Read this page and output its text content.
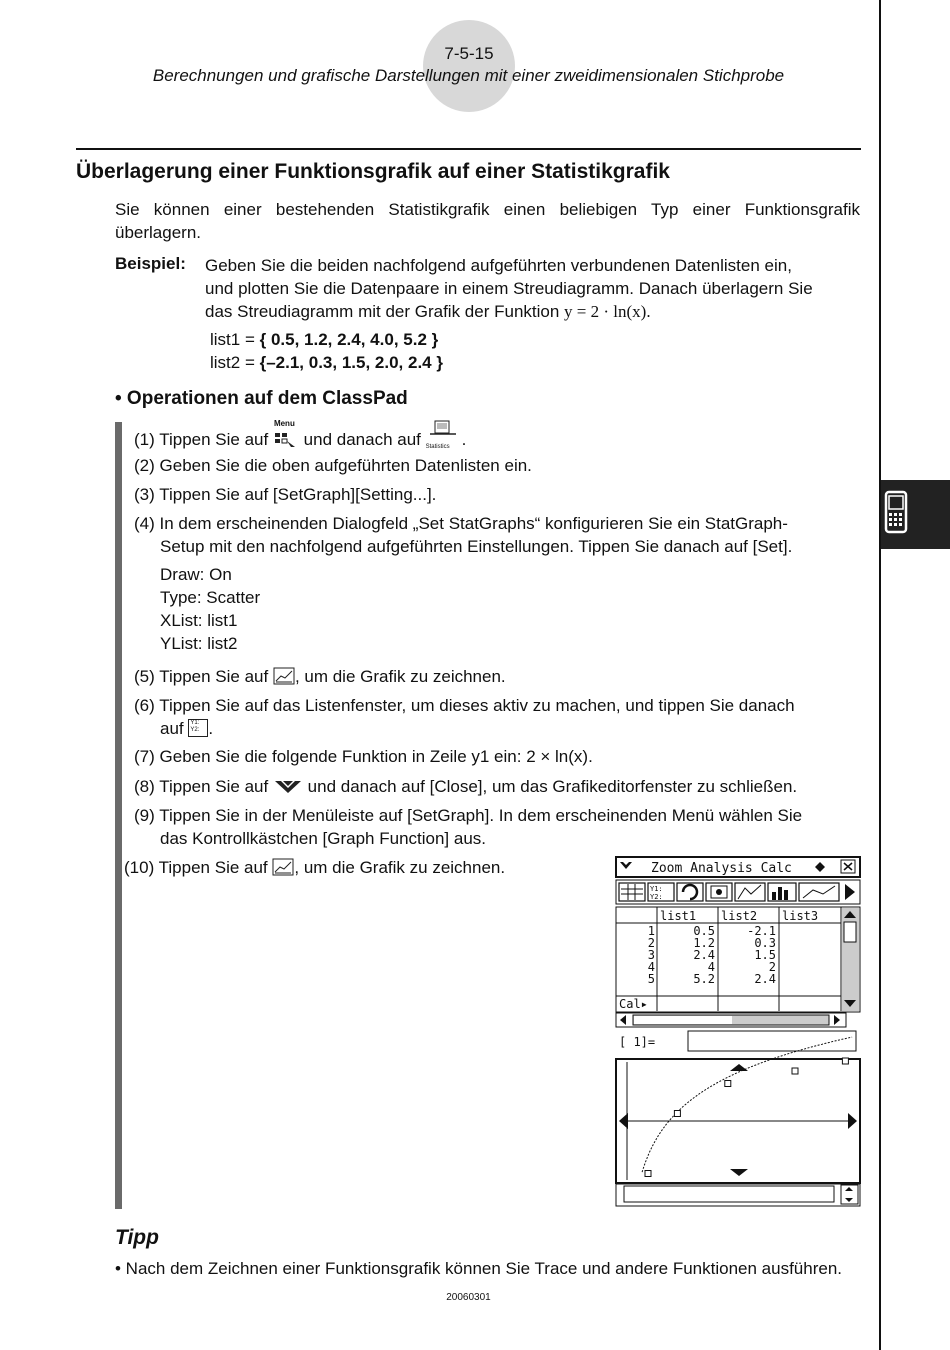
7-5-15
Berechnungen und grafische Darstellungen mit einer zweidimensionalen Stichprobe
Überlagerung einer Funktionsgrafik auf einer Statistikgrafik
Sie können einer bestehenden Statistikgrafik einen beliebigen Typ einer Funktionsgrafik überlagern.
Beispiel: Geben Sie die beiden nachfolgend aufgeführten verbundenen Datenlisten ein,
und plotten Sie die Datenpaare in einem Streudiagramm. Danach überlagern Sie
das Streudiagramm mit der Grafik der Funktion y = 2 · ln(x).
list1 = { 0.5, 1.2, 2.4, 4.0, 5.2 }
list2 = {–2.1, 0.3, 1.5, 2.0, 2.4 }
• Operationen auf dem ClassPad
(1) Tippen Sie auf
Menu
und danach auf Statistics .
(2) Geben Sie die oben aufgeführten Datenlisten ein.
(3) Tippen Sie auf [SetGraph][Setting...].
(4) In dem erscheinenden Dialogfeld „Set StatGraphs“ konfigurieren Sie ein StatGraph-
Setup mit den nachfolgend aufgeführten Einstellungen. Tippen Sie danach auf [Set].
Draw: On
Type: Scatter
XList: list1
YList: list2
(5) Tippen Sie auf , um die Grafik zu zeichnen.
(6) Tippen Sie auf das Listenfenster, um dieses aktiv zu machen, und tippen Sie danach
auf Y1:
Y2: .
(7) Geben Sie die folgende Funktion in Zeile y1 ein: 2 × ln(x).
(8) Tippen Sie auf  und danach auf [Close], um das Grafikeditorfenster zu schließen.
(9) Tippen Sie in der Menüleiste auf [SetGraph]. In dem erscheinenden Menü wählen Sie
das Kontrollkästchen [Graph Function] aus.
(10) Tippen Sie auf , um die Grafik zu zeichnen.	Zoom Analysis Calc
Y1:
Y2:
list1 list2 list3
1
2
3
4
5
0.5
1.2
2.4
4
5.2
-2.1
0.3
1.5
2
2.4
Cal▸
[ 1]=
Tipp
• Nach dem Zeichnen einer Funktionsgrafik können Sie Trace und andere Funktionen ausführen.
20060301
